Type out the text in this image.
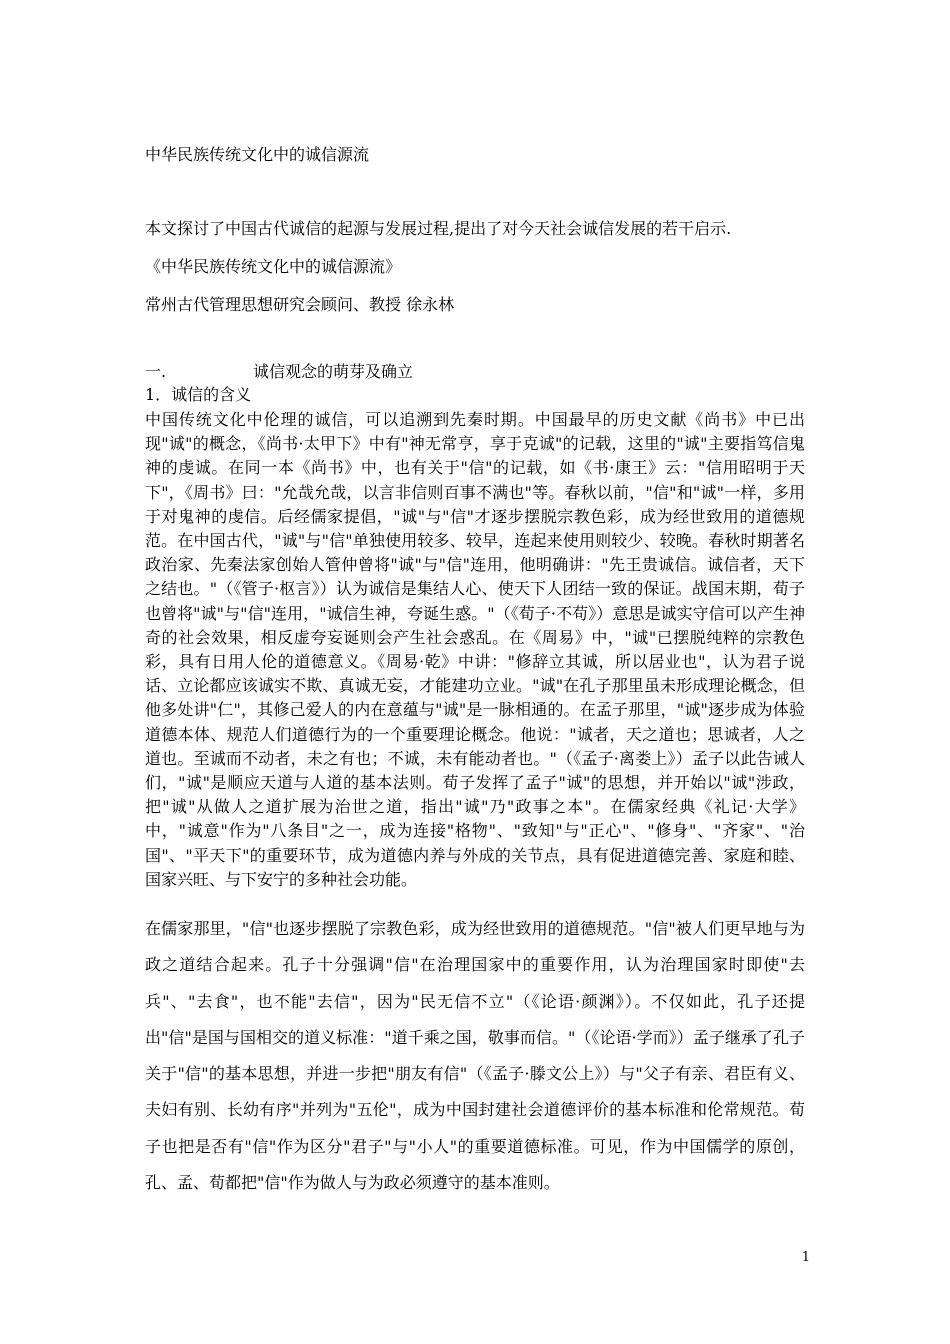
中华民族传统文化中的诚信源流
本文探讨了中国古代诚信的起源与发展过程,提出了对今天社会诚信发展的若干启示.
《中华民族传统文化中的诚信源流》
常州古代管理思想研究会顾问、教授 徐永林
一.	诚信观念的萌芽及确立
1．诚信的含义

中国传统文化中伦理的诚信，可以追溯到先秦时期。中国最早的历史文献《尚书》中已出现"诚"的概念，《尚书·太甲下》中有"神无常亨，享于克诚"的记载，这里的"诚"主要指笃信鬼神的虔诚。在同一本《尚书》中，也有关于"信"的记载，如《书·康王》云："信用昭明于天下"，《周书》曰："允哉允哉，以言非信则百事不满也"等。春秋以前，"信"和"诚"一样，多用于对鬼神的虔信。后经儒家提倡，"诚"与"信"才逐步摆脱宗教色彩，成为经世致用的道德规范。在中国古代，"诚"与"信"单独使用较多、较早，连起来使用则较少、较晚。春秋时期著名政治家、先秦法家创始人管仲曾将"诚"与"信"连用，他明确讲："先王贵诚信。诚信者，天下之结也。"（《管子·枢言》）认为诚信是集结人心、使天下人团结一致的保证。战国末期，荀子也曾将"诚"与"信"连用，"诚信生神，夸诞生惑。"（《荀子·不苟》）意思是诚实守信可以产生神奇的社会效果，相反虚夸妄诞则会产生社会惑乱。在《周易》中，"诚"已摆脱纯粹的宗教色彩，具有日用人伦的道德意义。《周易·乾》中讲："修辞立其诚，所以居业也"，认为君子说话、立论都应该诚实不欺、真诚无妄，才能建功立业。"诚"在孔子那里虽未形成理论概念，但他多处讲"仁"，其修己爱人的内在意蕴与"诚"是一脉相通的。在孟子那里，"诚"逐步成为体验道德本体、规范人们道德行为的一个重要理论概念。他说："诚者，天之道也；思诚者，人之道也。至诚而不动者，未之有也；不诚，未有能动者也。"（《孟子·离娄上》）孟子以此告诫人们，"诚"是顺应天道与人道的基本法则。荀子发挥了孟子"诚"的思想，并开始以"诚"涉政，把"诚"从做人之道扩展为治世之道，指出"诚"乃"政事之本"。在儒家经典《礼记·大学》中，"诚意"作为"八条目"之一，成为连接"格物"、"致知"与"正心"、"修身"、"齐家"、"治国"、"平天下"的重要环节，成为道德内养与外成的关节点，具有促进道德完善、家庭和睦、国家兴旺、与下安宁的多种社会功能。

在儒家那里，"信"也逐步摆脱了宗教色彩，成为经世致用的道德规范。"信"被人们更早地与为政之道结合起来。孔子十分强调"信"在治理国家中的重要作用，认为治理国家时即使"去兵"、"去食"，也不能"去信"，因为"民无信不立"（《论语·颜渊》）。不仅如此，孔子还提出"信"是国与国相交的道义标准："道千乘之国，敬事而信。"（《论语·学而》）孟子继承了孔子关于"信"的基本思想，并进一步把"朋友有信"（《孟子·滕文公上》）与"父子有亲、君臣有义、夫妇有别、长幼有序"并列为"五伦"，成为中国封建社会道德评价的基本标准和伦常规范。荀子也把是否有"信"作为区分"君子"与"小人"的重要道德标准。可见，作为中国儒学的原创，孔、孟、荀都把"信"作为做人与为政必须遵守的基本准则。

1
